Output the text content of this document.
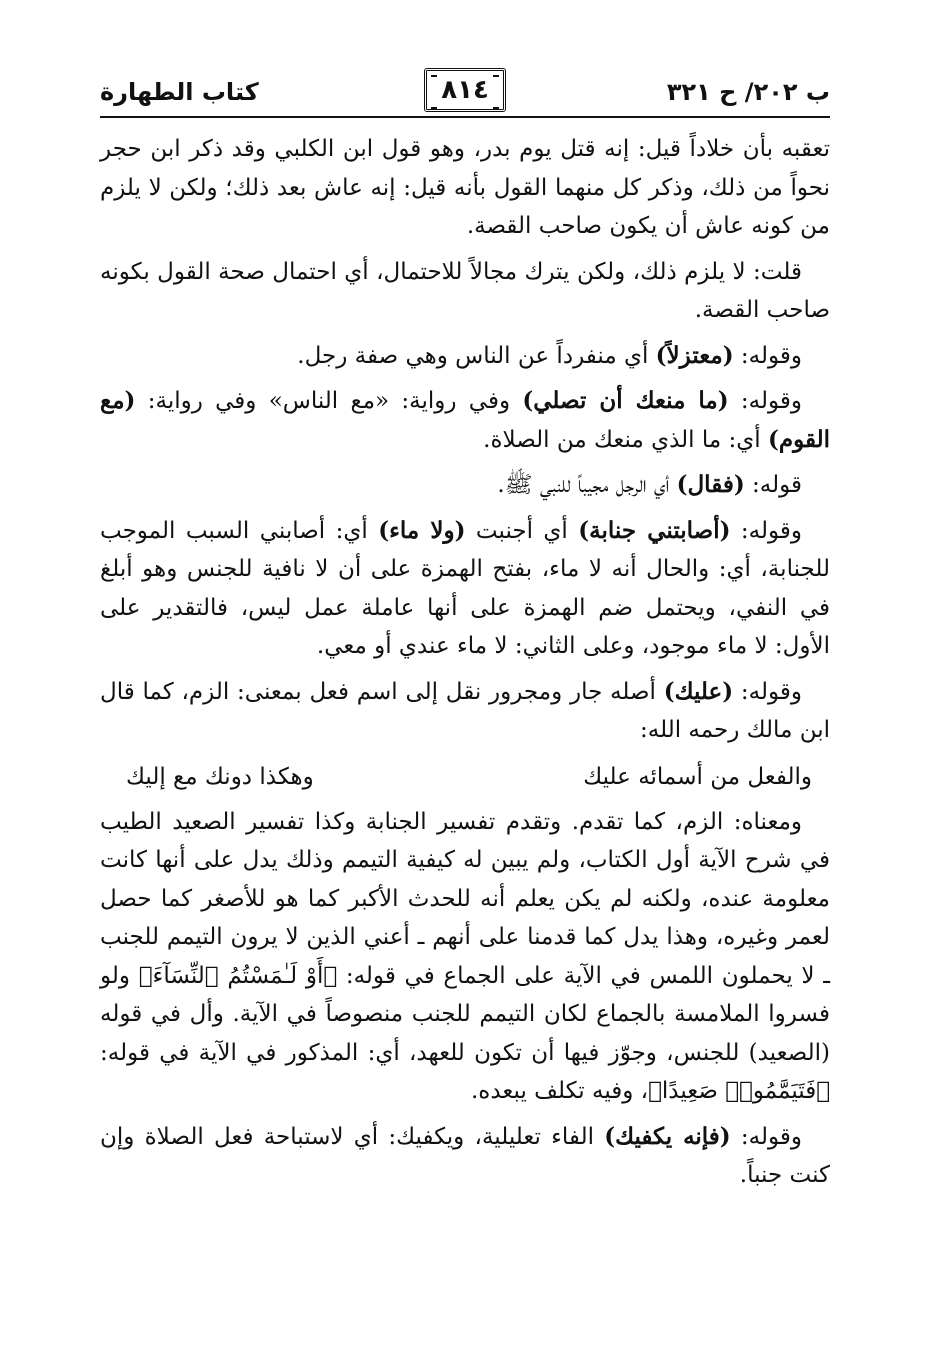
ب ٢٠٢/ ح ٣٢١
٨١٤
كتاب الطهارة

تعقبه بأن خلاداً قيل: إنه قتل يوم بدر، وهو قول ابن الكلبي وقد ذكر ابن حجر نحواً من ذلك، وذكر كل منهما القول بأنه قيل: إنه عاش بعد ذلك؛ ولكن لا يلزم من كونه عاش أن يكون صاحب القصة.

قلت: لا يلزم ذلك، ولكن يترك مجالاً للاحتمال، أي احتمال صحة القول بكونه صاحب القصة.

وقوله: (معتزلاً) أي منفرداً عن الناس وهي صفة رجل.

وقوله: (ما منعك أن تصلي) وفي رواية: «مع الناس» وفي رواية: (مع القوم) أي: ما الذي منعك من الصلاة.

قوله: (فقال) أي الرجل مجيباً للنبي ﷺ.

وقوله: (أصابتني جنابة) أي أجنبت (ولا ماء) أي: أصابني السبب الموجب للجنابة، أي: والحال أنه لا ماء، بفتح الهمزة على أن لا نافية للجنس وهو أبلغ في النفي، ويحتمل ضم الهمزة على أنها عاملة عمل ليس، فالتقدير على الأول: لا ماء موجود، وعلى الثاني: لا ماء عندي أو معي.

وقوله: (عليك) أصله جار ومجرور نقل إلى اسم فعل بمعنى: الزم، كما قال ابن مالك رحمه الله:

والفعل من أسمائه عليك
وهكذا دونك مع إليك

ومعناه: الزم، كما تقدم. وتقدم تفسير الجنابة وكذا تفسير الصعيد الطيب في شرح الآية أول الكتاب، ولم يبين له كيفية التيمم وذلك يدل على أنها كانت معلومة عنده، ولكنه لم يكن يعلم أنه للحدث الأكبر كما هو للأصغر كما حصل لعمر وغيره، وهذا يدل كما قدمنا على أنهم ـ أعني الذين لا يرون التيمم للجنب ـ لا يحملون اللمس في الآية على الجماع في قوله: ﴿أَوْ لَـٰمَسْتُمُ ٱلنِّسَآءَ﴾ ولو فسروا الملامسة بالجماع لكان التيمم للجنب منصوصاً في الآية. وأل في قوله (الصعيد) للجنس، وجوّز فيها أن تكون للعهد، أي: المذكور في الآية في قوله: ﴿فَتَيَمَّمُوا۟ صَعِيدًا﴾، وفيه تكلف يبعده.

وقوله: (فإنه يكفيك) الفاء تعليلية، ويكفيك: أي لاستباحة فعل الصلاة وإن كنت جنباً.
